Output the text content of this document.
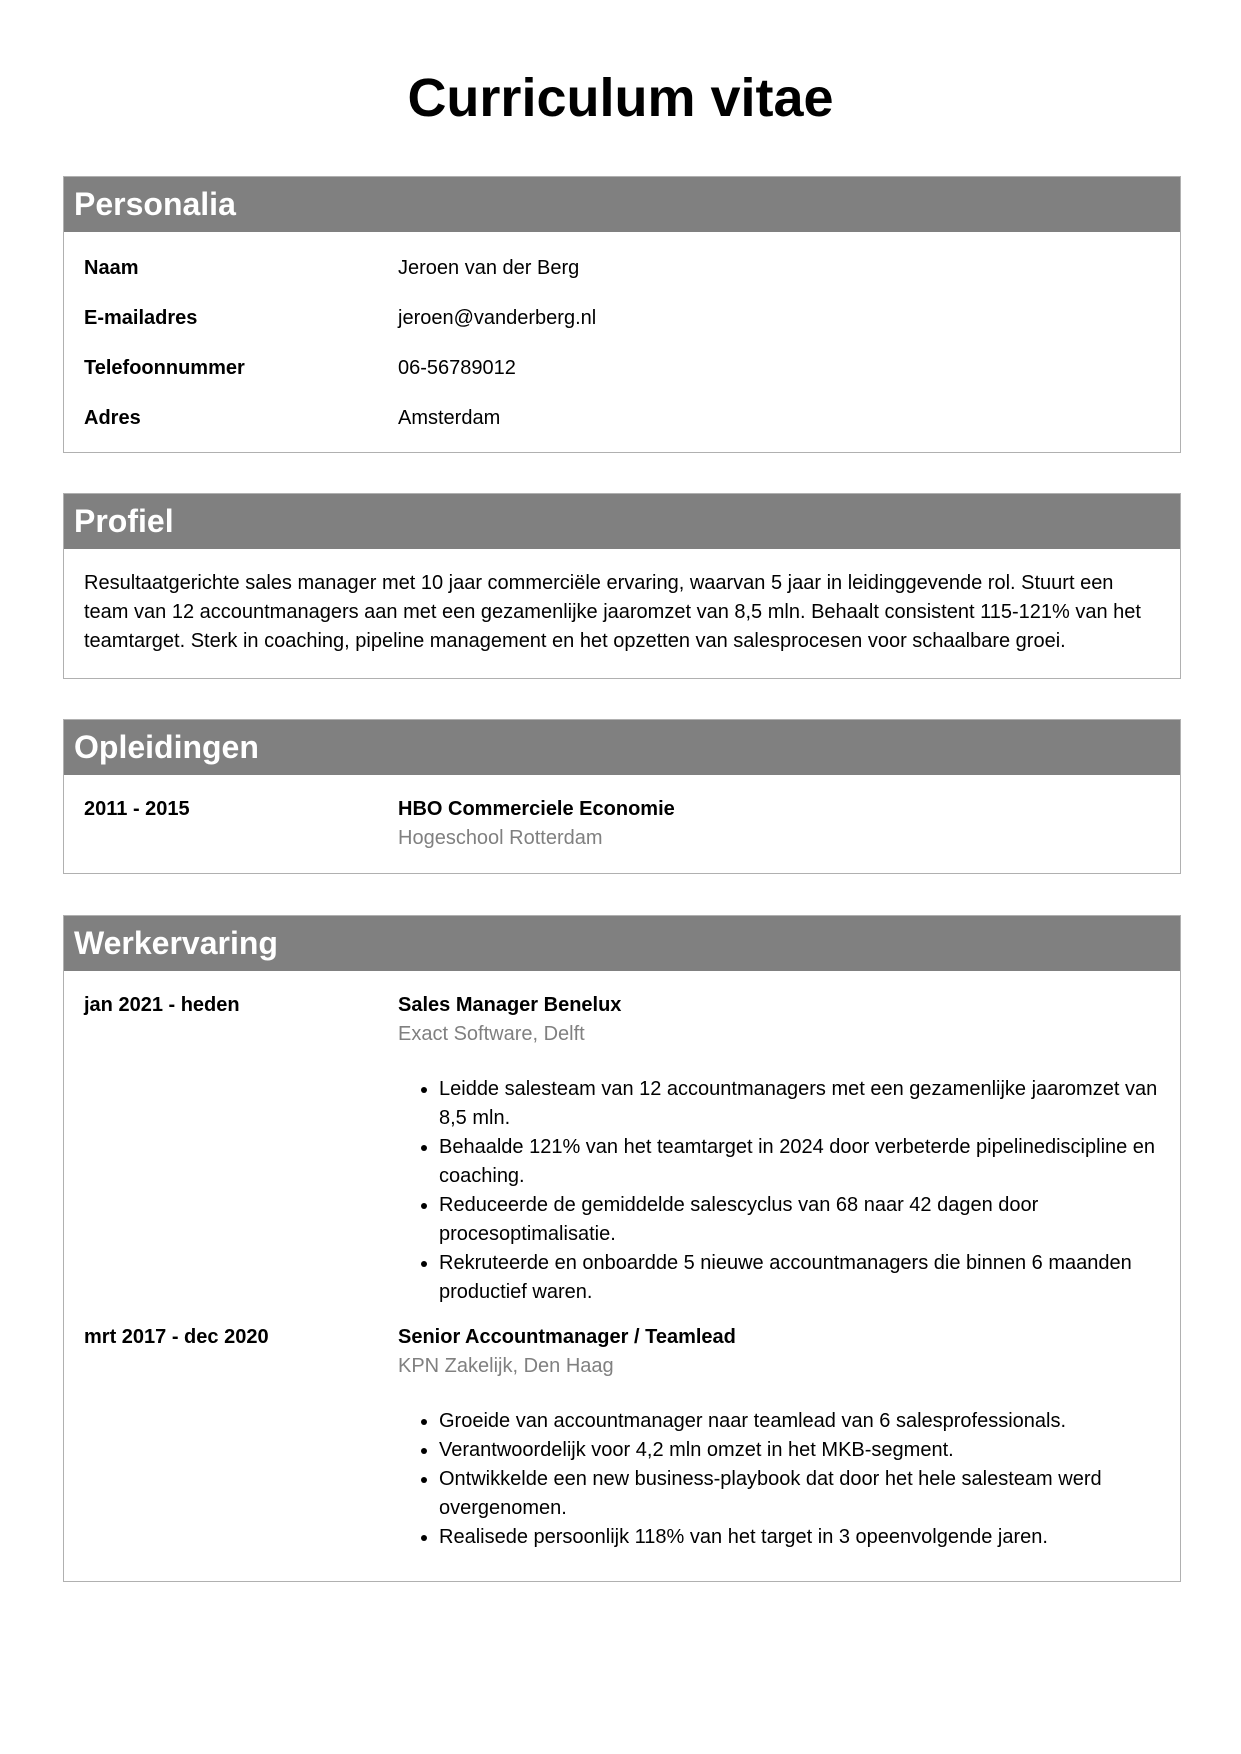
Curriculum vitae
Personalia
Naam	Jeroen van der Berg
E-mailadres	jeroen@vanderberg.nl
Telefoonnummer	06-56789012
Adres	Amsterdam
Profiel

Resultaatgerichte sales manager met 10 jaar commerciële ervaring, waarvan 5 jaar in leidinggevende rol. Stuurt een team van 12 accountmanagers aan met een gezamenlijke jaaromzet van 8,5 mln. Behaalt consistent 115-121% van het teamtarget. Sterk in coaching, pipeline management en het opzetten van salesprocesen voor schaalbare groei.

Opleidingen
2011 - 2015	HBO Commerciele Economie
Hogeschool Rotterdam
Werkervaring
jan 2021 - heden	Sales Manager Benelux
Exact Software, Delft
• Leidde salesteam van 12 accountmanagers met een gezamenlijke jaaromzet van 8,5 mln.
• Behaalde 121% van het teamtarget in 2024 door verbeterde pipelinediscipline en coaching.
• Reduceerde de gemiddelde salescyclus van 68 naar 42 dagen door procesoptimalisatie.
• Rekruteerde en onboardde 5 nieuwe accountmanagers die binnen 6 maanden productief waren.
mrt 2017 - dec 2020	Senior Accountmanager / Teamlead
KPN Zakelijk, Den Haag
• Groeide van accountmanager naar teamlead van 6 salesprofessionals.
• Verantwoordelijk voor 4,2 mln omzet in het MKB-segment.
• Ontwikkelde een new business-playbook dat door het hele salesteam werd overgenomen.
• Realisede persoonlijk 118% van het target in 3 opeenvolgende jaren.
